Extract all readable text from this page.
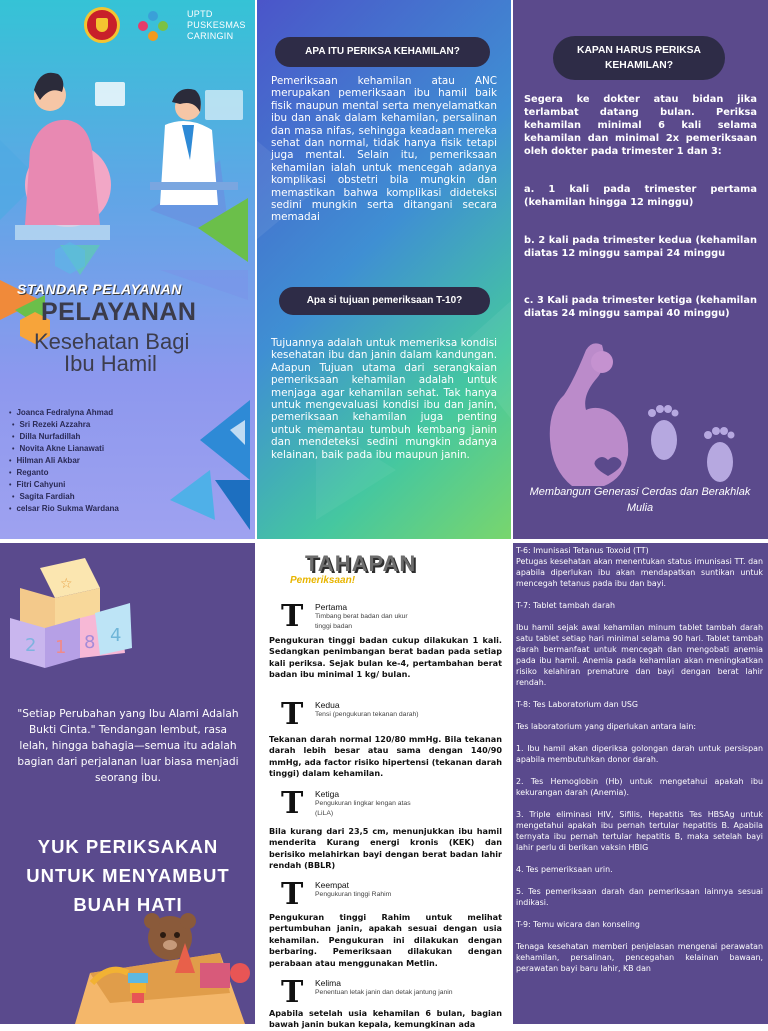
UPTD
PUSKESMAS
CARINGIN
STANDAR PELAYANAN
PELAYANAN
Kesehatan Bagi
Ibu Hamil
• Joanca Fedralyna Ahmad
• Sri Rezeki Azzahra
• Dilla Nurfadillah
• Novita Akne Lianawati
• Hilman Ali Akbar
• Reganto
• Fitri Cahyuni
• Sagita Fardiah
• celsar Rio Sukma Wardana
APA ITU PERIKSA KEHAMILAN?
Pemeriksaan kehamilan atau ANC merupakan pemeriksaan ibu hamil baik fisik maupun mental serta menyelamatkan ibu dan anak dalam kehamilan, persalinan dan masa nifas, sehingga keadaan mereka sehat dan normal, tidak hanya fisik tetapi juga mental. Selain itu, pemeriksaan kehamilan ialah untuk mencegah adanya komplikasi obstetri bila mungkin dan memastikan bahwa komplikasi dideteksi sedini mungkin serta ditangani secara memadai
Apa si tujuan pemeriksaan T-10?
Tujuannya adalah untuk memeriksa kondisi kesehatan ibu dan janin dalam kandungan. Adapun Tujuan utama dari serangkaian pemeriksaan kehamilan adalah untuk menjaga agar kehamilan sehat. Tak hanya untuk mengevaluasi kondisi ibu dan janin, pemeriksaan kehamilan juga penting untuk memantau tumbuh kembang janin dan mendeteksi sedini mungkin adanya kelainan, baik pada ibu maupun janin.
KAPAN HARUS PERIKSA KEHAMILAN?
Segera ke dokter atau bidan jika terlambat datang bulan. Periksa kehamilan minimal 6 kali selama kehamilan dan minimal 2x pemeriksaan oleh dokter pada trimester 1 dan 3:
a. 1 kali pada trimester pertama (kehamilan hingga 12 minggu)
b. 2 kali pada trimester kedua (kehamilan diatas 12 minggu sampai 24 minggu
c. 3 Kali pada trimester ketiga (kehamilan diatas 24 minggu sampai 40 minggu)
Membangun Generasi Cerdas dan Berakhlak Mulia
2 1 8 4
☆
"Setiap Perubahan yang Ibu Alami Adalah Bukti Cinta." Tendangan lembut, rasa lelah, hingga bahagia—semua itu adalah bagian dari perjalanan luar biasa menjadi seorang ibu.
YUK PERIKSAKAN UNTUK MENYAMBUT BUAH HATI
TAHAPAN
Pemeriksaan!
T Pertama
Timbang berat badan dan ukur tinggi badan
Pengukuran tinggi badan cukup dilakukan 1 kali. Sedangkan penimbangan berat badan pada setiap kali periksa. Sejak bulan ke-4, pertambahan berat badan ibu minimal 1 kg/ bulan.
T Kedua
Tensi (pengukuran tekanan darah)
Tekanan darah normal 120/80 mmHg. Bila tekanan darah lebih besar atau sama dengan 140/90 mmHg, ada factor risiko hipertensi (tekanan darah tinggi) dalam kehamilan.
T Ketiga
Pengukuran lingkar lengan atas (LiLA)
Bila kurang dari 23,5 cm, menunjukkan ibu hamil menderita Kurang energi kronis (KEK) dan berisiko melahirkan bayi dengan berat badan lahir rendah (BBLR)
T Keempat
Pengukuran tinggi Rahim
Pengukuran tinggi Rahim untuk melihat pertumbuhan janin, apakah sesuai dengan usia kehamilan. Pengukuran ini dilakukan dengan berbaring. Pemeriksaan dilakukan dengan perabaan atau menggunakan Metlin.
T Kelima
Penentuan letak janin dan detak jantung janin
Apabila setelah usia kehamilan 6 bulan, bagian bawah janin bukan kepala, kemungkinan ada

T-6: Imunisasi Tetanus Toxoid (TT)

Petugas kesehatan akan menentukan status imunisasi TT. dan apabila diperlukan ibu akan mendapatkan suntikan untuk mencegah tetanus pada ibu dan bayi.

T-7: Tablet tambah darah

Ibu hamil sejak awal kehamilan minum tablet tambah darah satu tablet setiap hari minimal selama 90 hari. Tablet tambah darah bermanfaat untuk mencegah dan mengobati anemia pada ibu hamil. Anemia pada kehamilan akan meningkatkan risiko kelahiran premature dan bayi dengan berat lahir rendah.

T-8: Tes Laboratorium dan USG

Tes laboratorium yang diperlukan antara lain:

1. Ibu hamil akan diperiksa golongan darah untuk persispan apabila membutuhkan donor darah.

2. Tes Hemoglobin (Hb) untuk mengetahui apakah ibu kekurangan darah (Anemia).

3. Triple eliminasi HIV, Sifilis, Hepatitis Tes HBSAg untuk mengetahui apakah ibu pernah tertular hepatitis B. Apabila ternyata ibu pernah tertular hepatitis B, maka setelah bayi lahir perlu di berikan vaksin HBIG

4. Tes pemeriksaan urin.

5. Tes pemeriksaan darah dan pemeriksaan lainnya sesuai indikasi.

T-9: Temu wicara dan konseling

Tenaga kesehatan memberi penjelasan mengenai perawatan kehamilan, persalinan, pencegahan kelainan bawaan, perawatan bayi baru lahir, KB dan
